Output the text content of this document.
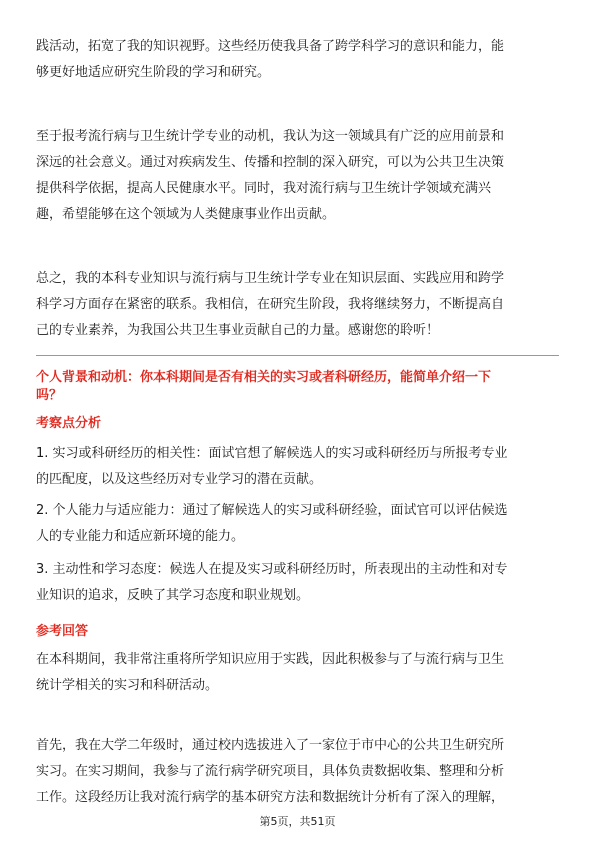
践活动，拓宽了我的知识视野。这些经历使我具备了跨学科学习的意识和能力，能
够更好地适应研究生阶段的学习和研究。

至于报考流行病与卫生统计学专业的动机，我认为这一领域具有广泛的应用前景和
深远的社会意义。通过对疾病发生、传播和控制的深入研究，可以为公共卫生决策
提供科学依据，提高人民健康水平。同时，我对流行病与卫生统计学领域充满兴
趣，希望能够在这个领域为人类健康事业作出贡献。

总之，我的本科专业知识与流行病与卫生统计学专业在知识层面、实践应用和跨学
科学习方面存在紧密的联系。我相信，在研究生阶段，我将继续努力，不断提高自
己的专业素养，为我国公共卫生事业贡献自己的力量。感谢您的聆听！

个人背景和动机：你本科期间是否有相关的实习或者科研经历，能简单介绍一下
吗？

考察点分析

1. 实习或科研经历的相关性：面试官想了解候选人的实习或科研经历与所报考专业
的匹配度，以及这些经历对专业学习的潜在贡献。

2. 个人能力与适应能力：通过了解候选人的实习或科研经验，面试官可以评估候选
人的专业能力和适应新环境的能力。

3. 主动性和学习态度：候选人在提及实习或科研经历时，所表现出的主动性和对专
业知识的追求，反映了其学习态度和职业规划。

参考回答

在本科期间，我非常注重将所学知识应用于实践，因此积极参与了与流行病与卫生
统计学相关的实习和科研活动。

首先，我在大学二年级时，通过校内选拔进入了一家位于市中心的公共卫生研究所
实习。在实习期间，我参与了流行病学研究项目，具体负责数据收集、整理和分析
工作。这段经历让我对流行病学的基本研究方法和数据统计分析有了深入的理解，

第5页，共51页
